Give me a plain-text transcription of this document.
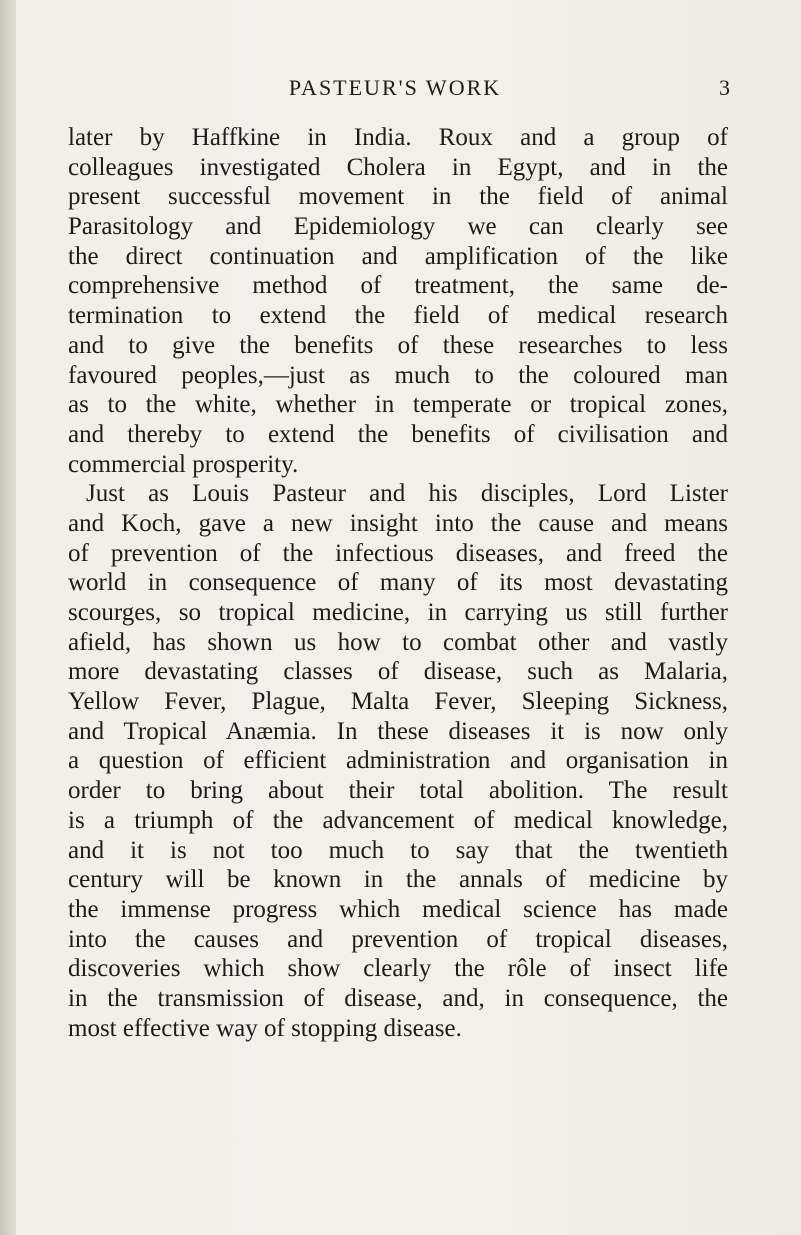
PASTEUR'S WORK	3
later by Haffkine in India. Roux and a group of
colleagues investigated Cholera in Egypt, and in the
present successful movement in the field of animal
Parasitology and Epidemiology we can clearly see
the direct continuation and amplification of the like
comprehensive method of treatment, the same de-
termination to extend the field of medical research
and to give the benefits of these researches to less
favoured peoples,—just as much to the coloured man
as to the white, whether in temperate or tropical zones,
and thereby to extend the benefits of civilisation and
commercial prosperity.
Just as Louis Pasteur and his disciples, Lord Lister
and Koch, gave a new insight into the cause and means
of prevention of the infectious diseases, and freed the
world in consequence of many of its most devastating
scourges, so tropical medicine, in carrying us still further
afield, has shown us how to combat other and vastly
more devastating classes of disease, such as Malaria,
Yellow Fever, Plague, Malta Fever, Sleeping Sickness,
and Tropical Anæmia. In these diseases it is now only
a question of efficient administration and organisation in
order to bring about their total abolition. The result
is a triumph of the advancement of medical knowledge,
and it is not too much to say that the twentieth
century will be known in the annals of medicine by
the immense progress which medical science has made
into the causes and prevention of tropical diseases,
discoveries which show clearly the rôle of insect life
in the transmission of disease, and, in consequence, the
most effective way of stopping disease.
